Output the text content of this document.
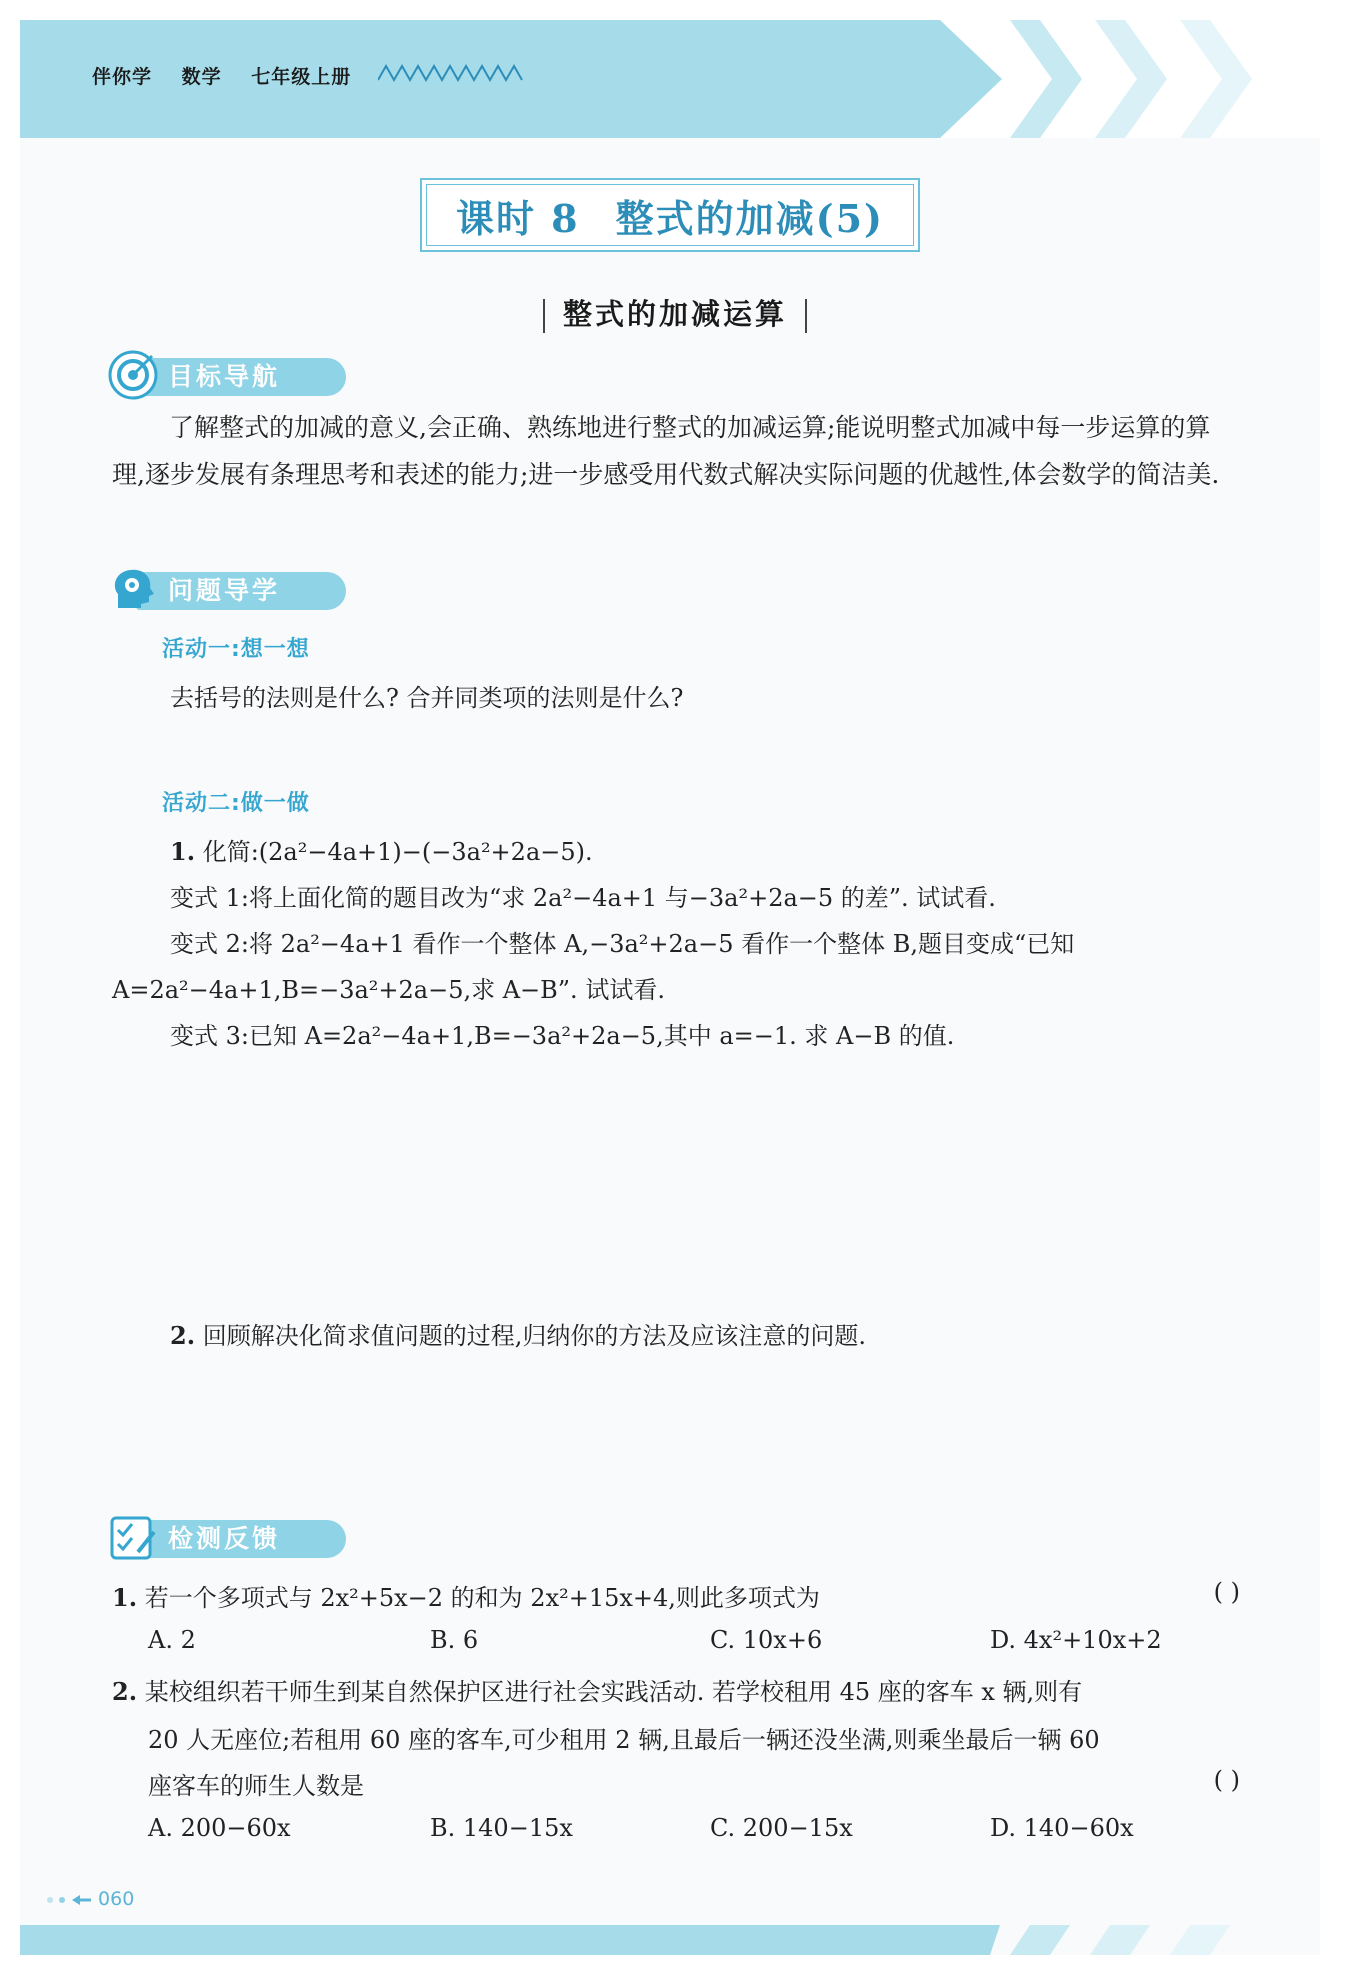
伴你学 数学 七年级上册
课时 8 整式的加减(5)
整式的加减运算
目标导航
了解整式的加减的意义,会正确、熟练地进行整式的加减运算;能说明整式加减中每一步运算的算理,逐步发展有条理思考和表述的能力;进一步感受用代数式解决实际问题的优越性,体会数学的简洁美.
问题导学
活动一:想一想
去括号的法则是什么? 合并同类项的法则是什么?
活动二:做一做
1. 化简:(2a²−4a+1)−(−3a²+2a−5).
变式 1:将上面化简的题目改为“求 2a²−4a+1 与−3a²+2a−5 的差”. 试试看.
变式 2:将 2a²−4a+1 看作一个整体 A,−3a²+2a−5 看作一个整体 B,题目变成“已知
A=2a²−4a+1,B=−3a²+2a−5,求 A−B”. 试试看.
变式 3:已知 A=2a²−4a+1,B=−3a²+2a−5,其中 a=−1. 求 A−B 的值.
2. 回顾解决化简求值问题的过程,归纳你的方法及应该注意的问题.
检测反馈
1. 若一个多项式与 2x²+5x−2 的和为 2x²+15x+4,则此多项式为	( )
A. 2	B. 6	C. 10x+6	D. 4x²+10x+2
2. 某校组织若干师生到某自然保护区进行社会实践活动. 若学校租用 45 座的客车 x 辆,则有
20 人无座位;若租用 60 座的客车,可少租用 2 辆,且最后一辆还没坐满,则乘坐最后一辆 60
座客车的师生人数是	( )
A. 200−60x	B. 140−15x	C. 200−15x	D. 140−60x
060
